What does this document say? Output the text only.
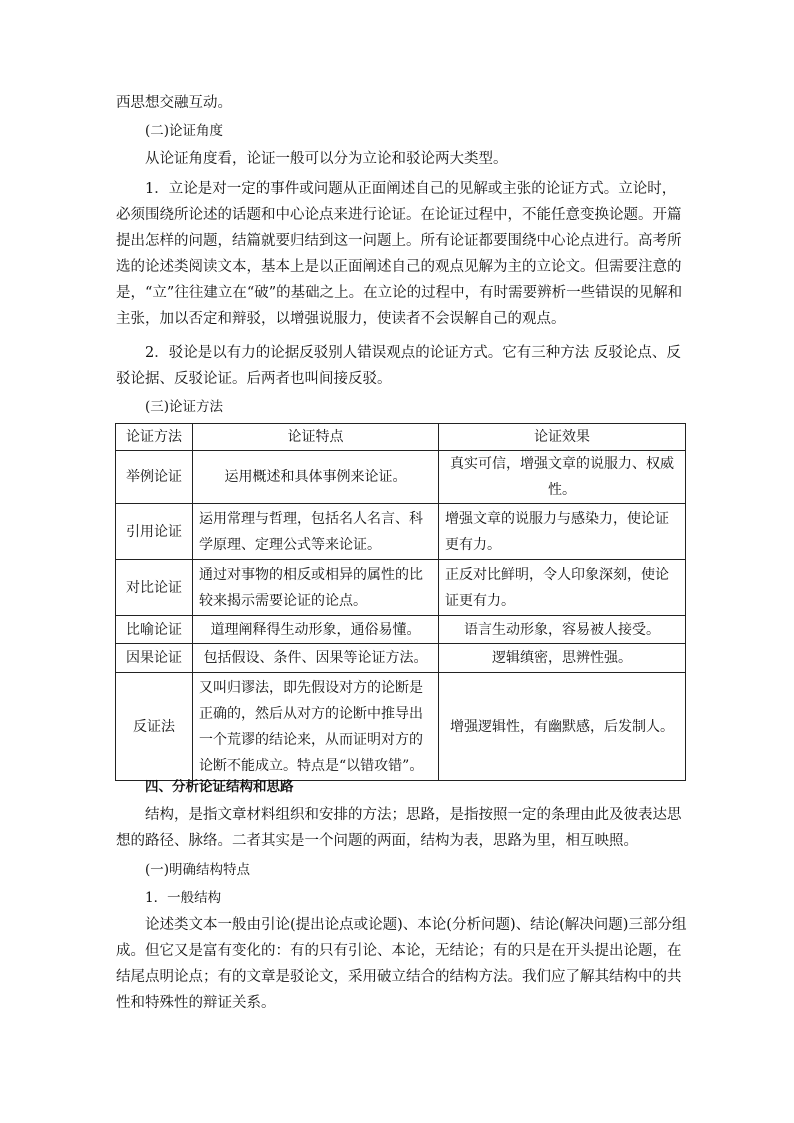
西思想交融互动。

(二)论证角度

从论证角度看，论证一般可以分为立论和驳论两大类型。

1．立论是对一定的事件或问题从正面阐述自己的见解或主张的论证方式。立论时，必须围绕所论述的话题和中心论点来进行论证。在论证过程中，不能任意变换论题。开篇提出怎样的问题，结篇就要归结到这一问题上。所有论证都要围绕中心论点进行。高考所选的论述类阅读文本，基本上是以正面阐述自己的观点见解为主的立论文。但需要注意的是，“立”往往建立在“破”的基础之上。在立论的过程中，有时需要辨析一些错误的见解和主张，加以否定和辩驳，以增强说服力，使读者不会误解自己的观点。

2．驳论是以有力的论据反驳别人错误观点的论证方式。它有三种方法 反驳论点、反驳论据、反驳论证。后两者也叫间接反驳。

(三)论证方法

论证方法	论证特点	论证效果
举例论证	运用概述和具体事例来论证。	真实可信，增强文章的说服力、权威性。
引用论证	运用常理与哲理，包括名人名言、科学原理、定理公式等来论证。	增强文章的说服力与感染力，使论证更有力。
对比论证	通过对事物的相反或相异的属性的比较来揭示需要论证的论点。	正反对比鲜明，令人印象深刻，使论证更有力。
比喻论证	道理阐释得生动形象，通俗易懂。	语言生动形象，容易被人接受。
因果论证	包括假设、条件、因果等论证方法。	逻辑缜密，思辨性强。
反证法	又叫归谬法，即先假设对方的论断是正确的，然后从对方的论断中推导出一个荒谬的结论来，从而证明对方的论断不能成立。特点是“以错攻错”。	增强逻辑性，有幽默感，后发制人。

四、分析论证结构和思路

结构，是指文章材料组织和安排的方法；思路，是指按照一定的条理由此及彼表达思想的路径、脉络。二者其实是一个问题的两面，结构为表，思路为里，相互映照。

(一)明确结构特点

1．一般结构

论述类文本一般由引论(提出论点或论题)、本论(分析问题)、结论(解决问题)三部分组成。但它又是富有变化的：有的只有引论、本论，无结论；有的只是在开头提出论题，在结尾点明论点；有的文章是驳论文，采用破立结合的结构方法。我们应了解其结构中的共性和特殊性的辩证关系。
